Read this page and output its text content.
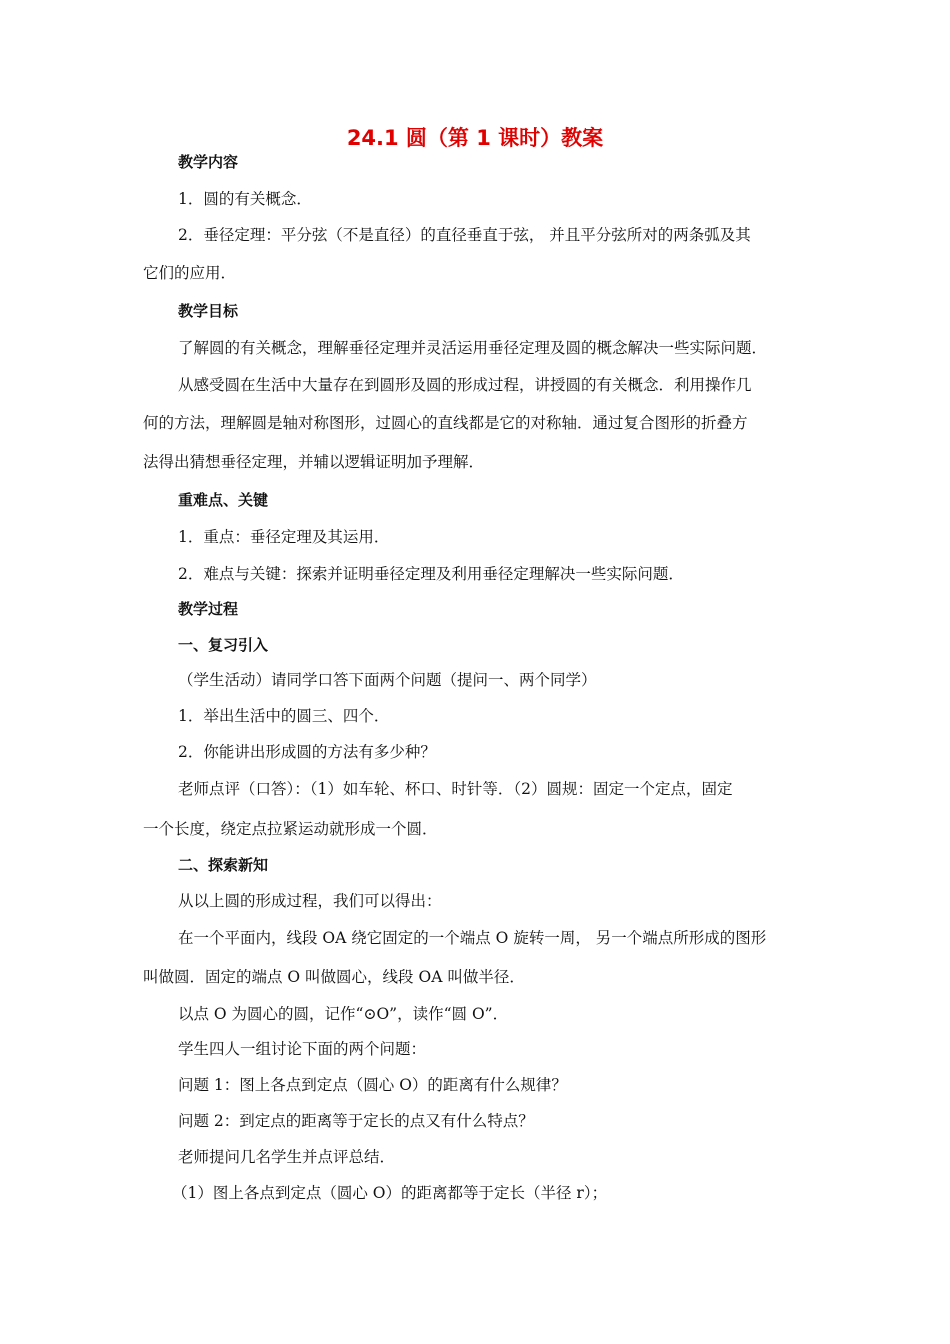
24.1 圆（第 1 课时）教案
教学内容
1．圆的有关概念．
2．垂径定理：平分弦（不是直径）的直径垂直于弦， 并且平分弦所对的两条弧及其
它们的应用．
教学目标
了解圆的有关概念，理解垂径定理并灵活运用垂径定理及圆的概念解决一些实际问题．
从感受圆在生活中大量存在到圆形及圆的形成过程，讲授圆的有关概念．利用操作几
何的方法，理解圆是轴对称图形，过圆心的直线都是它的对称轴．通过复合图形的折叠方
法得出猜想垂径定理，并辅以逻辑证明加予理解．
重难点、关键
1．重点：垂径定理及其运用．
2．难点与关键：探索并证明垂径定理及利用垂径定理解决一些实际问题．
教学过程
一、复习引入
（学生活动）请同学口答下面两个问题（提问一、两个同学）
1．举出生活中的圆三、四个．
2．你能讲出形成圆的方法有多少种？
老师点评（口答）：（1）如车轮、杯口、时针等．（2）圆规：固定一个定点，固定
一个长度，绕定点拉紧运动就形成一个圆．
二、探索新知
从以上圆的形成过程，我们可以得出：
在一个平面内，线段 OA 绕它固定的一个端点 O 旋转一周， 另一个端点所形成的图形
叫做圆．固定的端点 O 叫做圆心，线段 OA 叫做半径．
以点 O 为圆心的圆，记作“⊙O”，读作“圆 O”．
学生四人一组讨论下面的两个问题：
问题 1：图上各点到定点（圆心 O）的距离有什么规律？
问题 2：到定点的距离等于定长的点又有什么特点？
老师提问几名学生并点评总结．
（1）图上各点到定点（圆心 O）的距离都等于定长（半径 r）；
